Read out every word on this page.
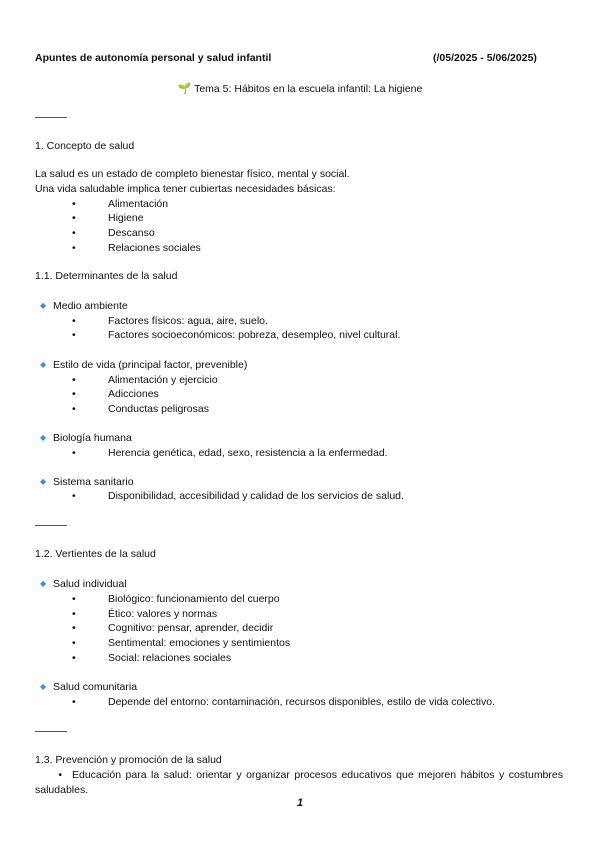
Apuntes de autonomía personal y salud infantil	(/05/2025 - 5/06/2025)
🌱 Tema 5: Hábitos en la escuela infantil: La higiene
1. Concepto de salud
La salud es un estado de completo bienestar físico, mental y social.
Una vida saludable implica tener cubiertas necesidades básicas:
•	Alimentación
•	Higiene
•	Descanso
•	Relaciones sociales
1.1. Determinantes de la salud
◆ Medio ambiente
•	Factores físicos: agua, aire, suelo.
•	Factores socioeconómicos: pobreza, desempleo, nivel cultural.
◆ Estilo de vida (principal factor, prevenible)
•	Alimentación y ejercicio
•	Adicciones
•	Conductas peligrosas
◆ Biología humana
•	Herencia genética, edad, sexo, resistencia a la enfermedad.
◆ Sistema sanitario
•	Disponibilidad, accesibilidad y calidad de los servicios de salud.
1.2. Vertientes de la salud
◆ Salud individual
•	Biológico: funcionamiento del cuerpo
•	Ético: valores y normas
•	Cognitivo: pensar, aprender, decidir
•	Sentimental: emociones y sentimientos
•	Social: relaciones sociales
◆ Salud comunitaria
•	Depende del entorno: contaminación, recursos disponibles, estilo de vida colectivo.
1.3. Prevención y promoción de la salud
• Educación para la salud: orientar y organizar procesos educativos que mejoren hábitos y costumbres saludables.
1
